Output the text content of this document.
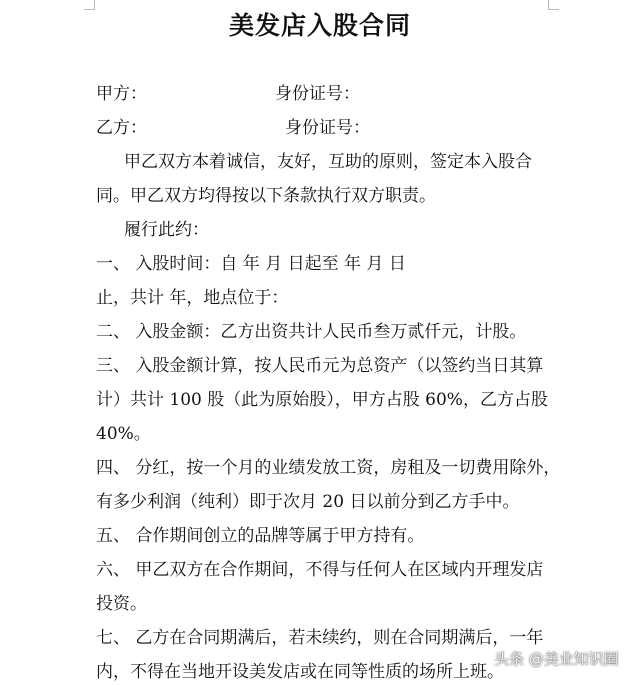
美发店入股合同
甲方：	身份证号：
乙方：	身份证号：
甲乙双方本着诚信，友好，互助的原则，签定本入股合
同。甲乙双方均得按以下条款执行双方职责。
履行此约：
一、 入股时间：自 年 月 日起至 年 月 日
止，共计 年，地点位于：
二、 入股金额：乙方出资共计人民币叁万贰仟元，计股。
三、 入股金额计算，按人民币元为总资产（以签约当日其算
计）共计 100 股（此为原始股），甲方占股 60%，乙方占股
40%。
四、 分红，按一个月的业绩发放工资，房租及一切费用除外，
有多少利润（纯利）即于次月 20 日以前分到乙方手中。
五、 合作期间创立的品牌等属于甲方持有。
六、 甲乙双方在合作期间，不得与任何人在区域内开理发店
投资。
七、 乙方在合同期满后，若未续约，则在合同期满后，一年
内，不得在当地开设美发店或在同等性质的场所上班。
头条 @美业知识圈
